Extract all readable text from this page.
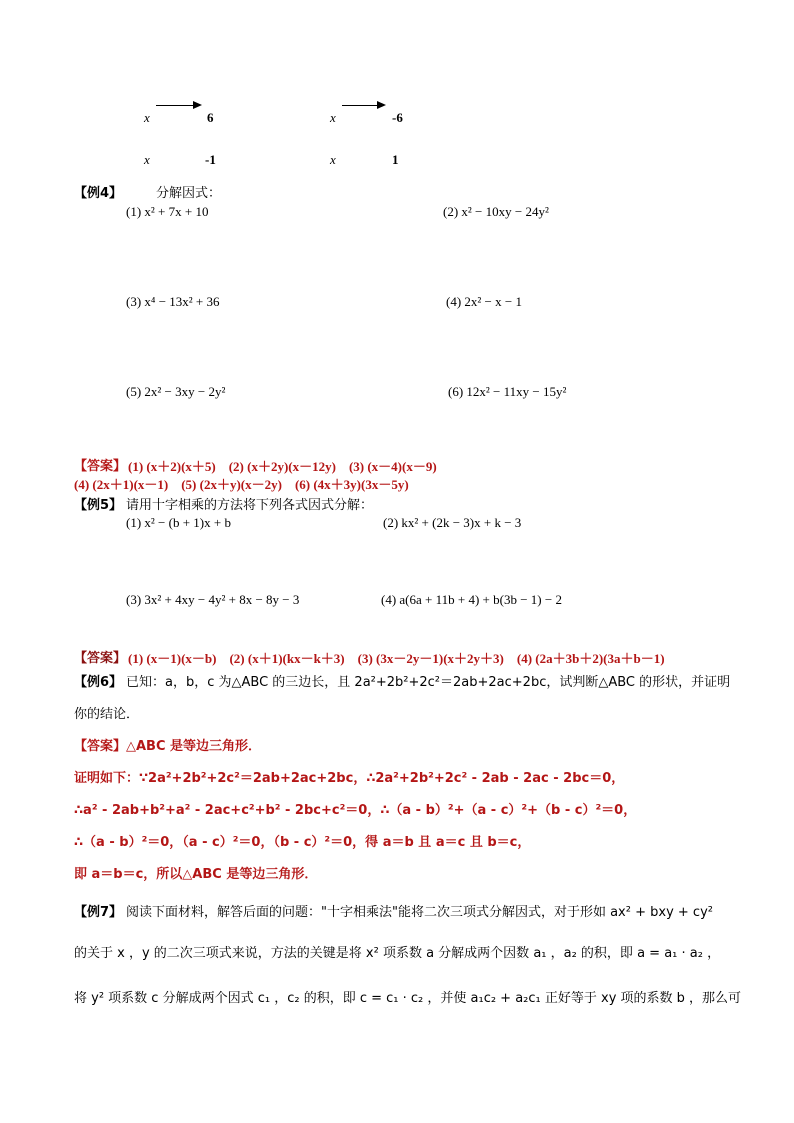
x	6	x	-6
x	-1	x	1
【例4】	分解因式：
(1) x² + 7x + 10	(2) x² − 10xy − 24y²
(3) x⁴ − 13x² + 36	(4) 2x² − x − 1
(5) 2x² − 3xy − 2y²	(6) 12x² − 11xy − 15y²
【答案】 (1) (x＋2)(x＋5)　(2) (x＋2y)(x－12y)　(3) (x－4)(x－9)
(4) (2x＋1)(x－1)　(5) (2x＋y)(x－2y)　(6) (4x＋3y)(3x－5y)
【例5】 请用十字相乘的方法将下列各式因式分解：
(1) x² − (b + 1)x + b	(2) kx² + (2k − 3)x + k − 3
(3) 3x² + 4xy − 4y² + 8x − 8y − 3	(4) a(6a + 11b + 4) + b(3b − 1) − 2
【答案】 (1) (x－1)(x－b)　(2) (x＋1)(kx－k＋3)　(3) (3x－2y－1)(x＋2y＋3)　(4) (2a＋3b＋2)(3a＋b－1)
【例6】 已知：a，b，c 为△ABC 的三边长，且 2a²+2b²+2c²＝2ab+2ac+2bc，试判断△ABC 的形状，并证明
你的结论．
【答案】 △ABC 是等边三角形．
证明如下：∵2a²+2b²+2c²＝2ab+2ac+2bc，∴2a²+2b²+2c² - 2ab - 2ac - 2bc＝0，
∴a² - 2ab+b²+a² - 2ac+c²+b² - 2bc+c²＝0，∴（a - b）²+（a - c）²+（b - c）²＝0，
∴（a - b）²＝0，（a - c）²＝0，（b - c）²＝0，得 a＝b 且 a＝c 且 b＝c，
即 a＝b＝c，所以△ABC 是等边三角形．
【例7】 阅读下面材料，解答后面的问题："十字相乘法"能将二次三项式分解因式，对于形如 ax² + bxy + cy²
的关于 x ，y 的二次三项式来说，方法的关键是将 x² 项系数 a 分解成两个因数 a₁ ，a₂ 的积，即 a = a₁ · a₂ ，
将 y² 项系数 c 分解成两个因式 c₁ ，c₂ 的积，即 c = c₁ · c₂ ，并使 a₁c₂ + a₂c₁ 正好等于 xy 项的系数 b ，那么可
